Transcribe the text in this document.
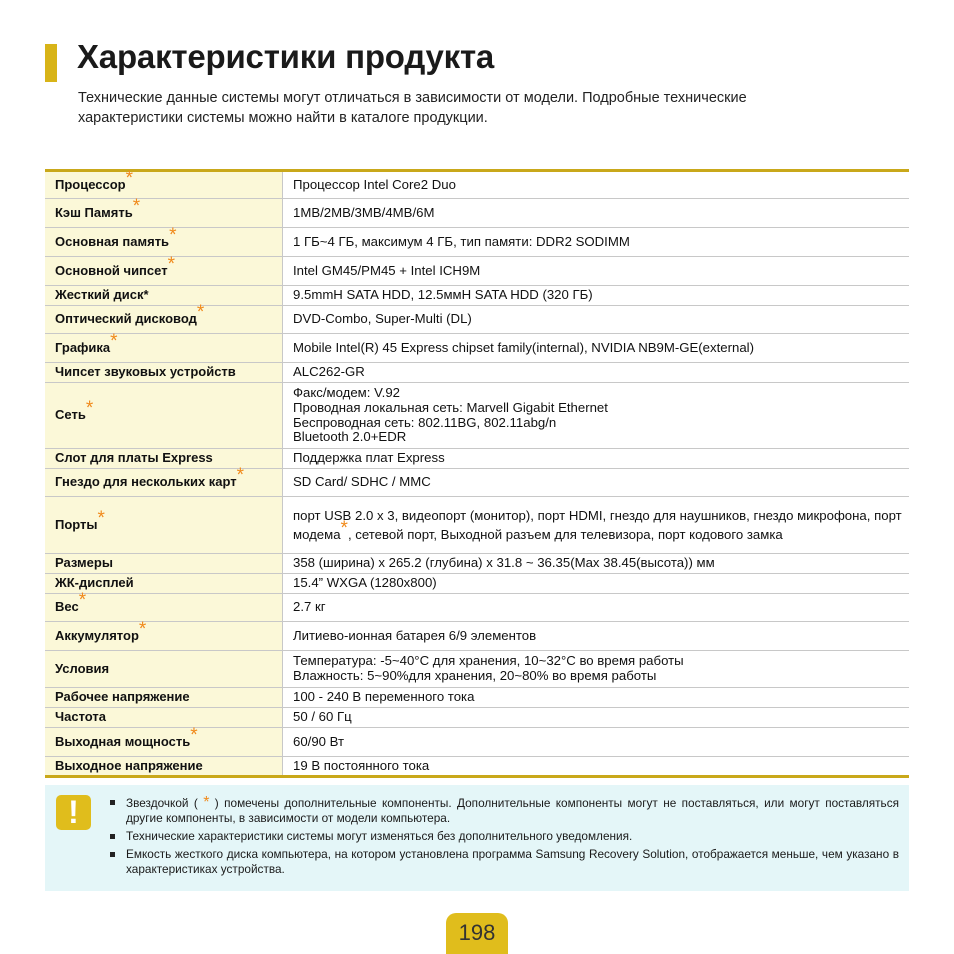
Характеристики продукта

Технические данные системы могут отличаться в зависимости от модели. Подробные технические характеристики системы можно найти в каталоге продукции.

Процессор*	Процессор Intel Core2 Duo

Кэш Память*	1MB/2MB/3MB/4MB/6M

Основная память*	1 ГБ~4 ГБ, максимум 4 ГБ, тип памяти: DDR2 SODIMM

Основной чипсет*	Intel GM45/PM45 + Intel ICH9M

Жесткий диск*	9.5mmH SATA HDD, 12.5ммH SATA HDD (320 ГБ)

Оптический дисковод*	DVD-Combo, Super-Multi (DL)

Графика*	Mobile Intel(R) 45 Express chipset family(internal), NVIDIA NB9M-GE(external)

Чипсет звуковых устройств	ALC262-GR

Сеть*	Факс/модем: V.92
Проводная локальная сеть: Marvell Gigabit Ethernet
Беспроводная сеть: 802.11BG, 802.11abg/n
Bluetooth 2.0+EDR

Слот для платы Express	Поддержка плат Express

Гнездо для нескольких карт*	SD Card/ SDHC / MMC

Порты*	порт USB 2.0 x 3, видеопорт (монитор), порт HDMI, гнездо для наушников, гнездо микрофона, порт модема*, сетевой порт, Выходной разъем для телевизора, порт кодового замка
Размеры	358 (ширина) x 265.2 (глубина) x 31.8 ~ 36.35(Max 38.45(высота)) мм

ЖК-дисплей	15.4” WXGA (1280x800)

Вес*	2.7 кг

Аккумулятор*	Литиево-ионная батарея 6/9 элементов

Условия	Температура: -5~40°C для хранения, 10~32°C во время работы
Влажность: 5~90%для хранения, 20~80% во время работы

Рабочее напряжение	100 - 240 В переменного тока

Частота	50 / 60 Гц

Выходная мощность*	60/90 Вт

Выходное напряжение	19 В постоянного тока
!	Звездочкой ( * ) помечены дополнительные компоненты. Дополнительные компоненты могут не поставляться, или могут поставляться другие компоненты, в зависимости от модели компьютера.
Технические характеристики системы могут изменяться без дополнительного уведомления.
Емкость жесткого диска компьютера, на котором установлена программа Samsung Recovery Solution, отображается меньше, чем указано в характеристиках устройства.
198
